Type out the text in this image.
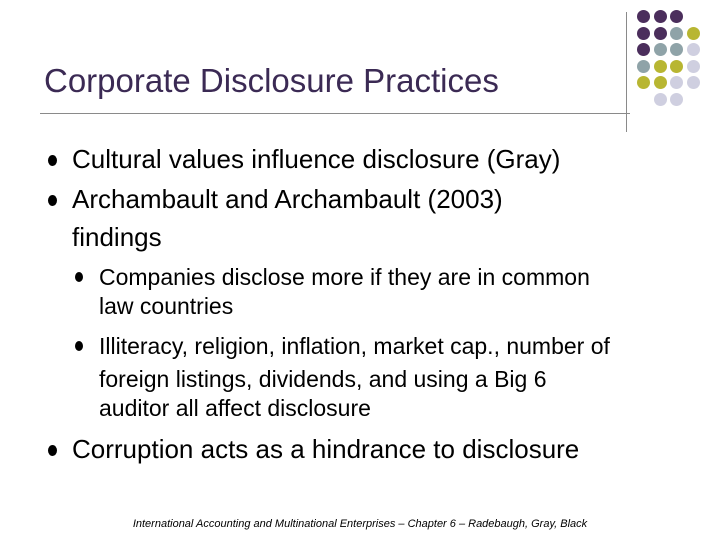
Corporate Disclosure Practices
Cultural values influence disclosure (Gray)
Archambault and Archambault (2003)
findings
Companies disclose more if they are in common
law countries
Illiteracy, religion, inflation, market cap., number of
foreign listings, dividends, and using a Big 6
auditor all affect disclosure
Corruption acts as a hindrance to disclosure
International Accounting and Multinational Enterprises – Chapter 6 – Radebaugh, Gray, Black
